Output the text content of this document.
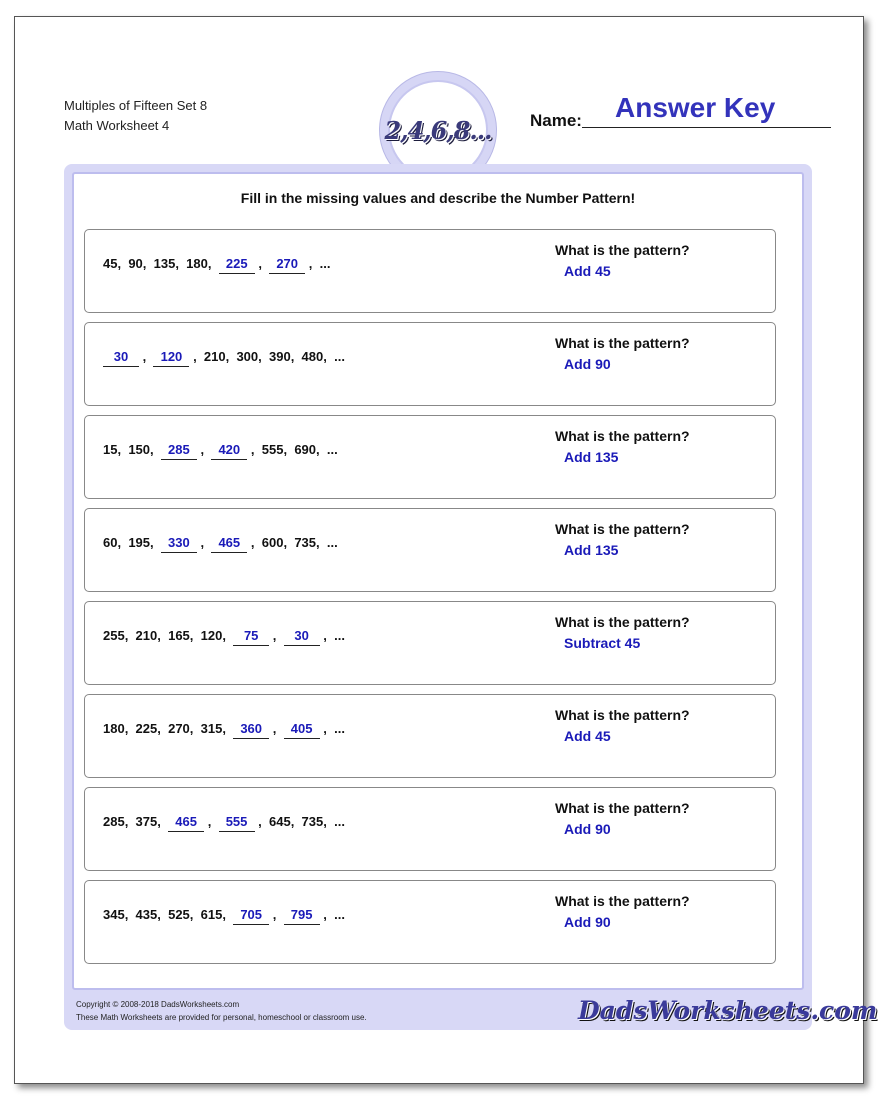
Multiples of Fifteen Set 8
Math Worksheet 4	2,4,6,8... Name: Answer Key
Fill in the missing values and describe the Number Pattern!
45,  90,  135,  180,  225 ,  270 ,  ...
What is the pattern?
Add 45
30 ,  120 ,  210,  300,  390,  480,  ...
What is the pattern?
Add 90
15,  150,  285 ,  420 ,  555,  690,  ...
What is the pattern?
Add 135
60,  195,  330 ,  465 ,  600,  735,  ...
What is the pattern?
Add 135
255,  210,  165,  120,  75 ,  30 ,  ...
What is the pattern?
Subtract 45
180,  225,  270,  315,  360 ,  405 ,  ...
What is the pattern?
Add 45
285,  375,  465 ,  555 ,  645,  735,  ...
What is the pattern?
Add 90
345,  435,  525,  615,  705 ,  795 ,  ...
What is the pattern?
Add 90
Copyright © 2008-2018 DadsWorksheets.com
These Math Worksheets are provided for personal, homeschool or classroom use.	DadsWorksheets.com
